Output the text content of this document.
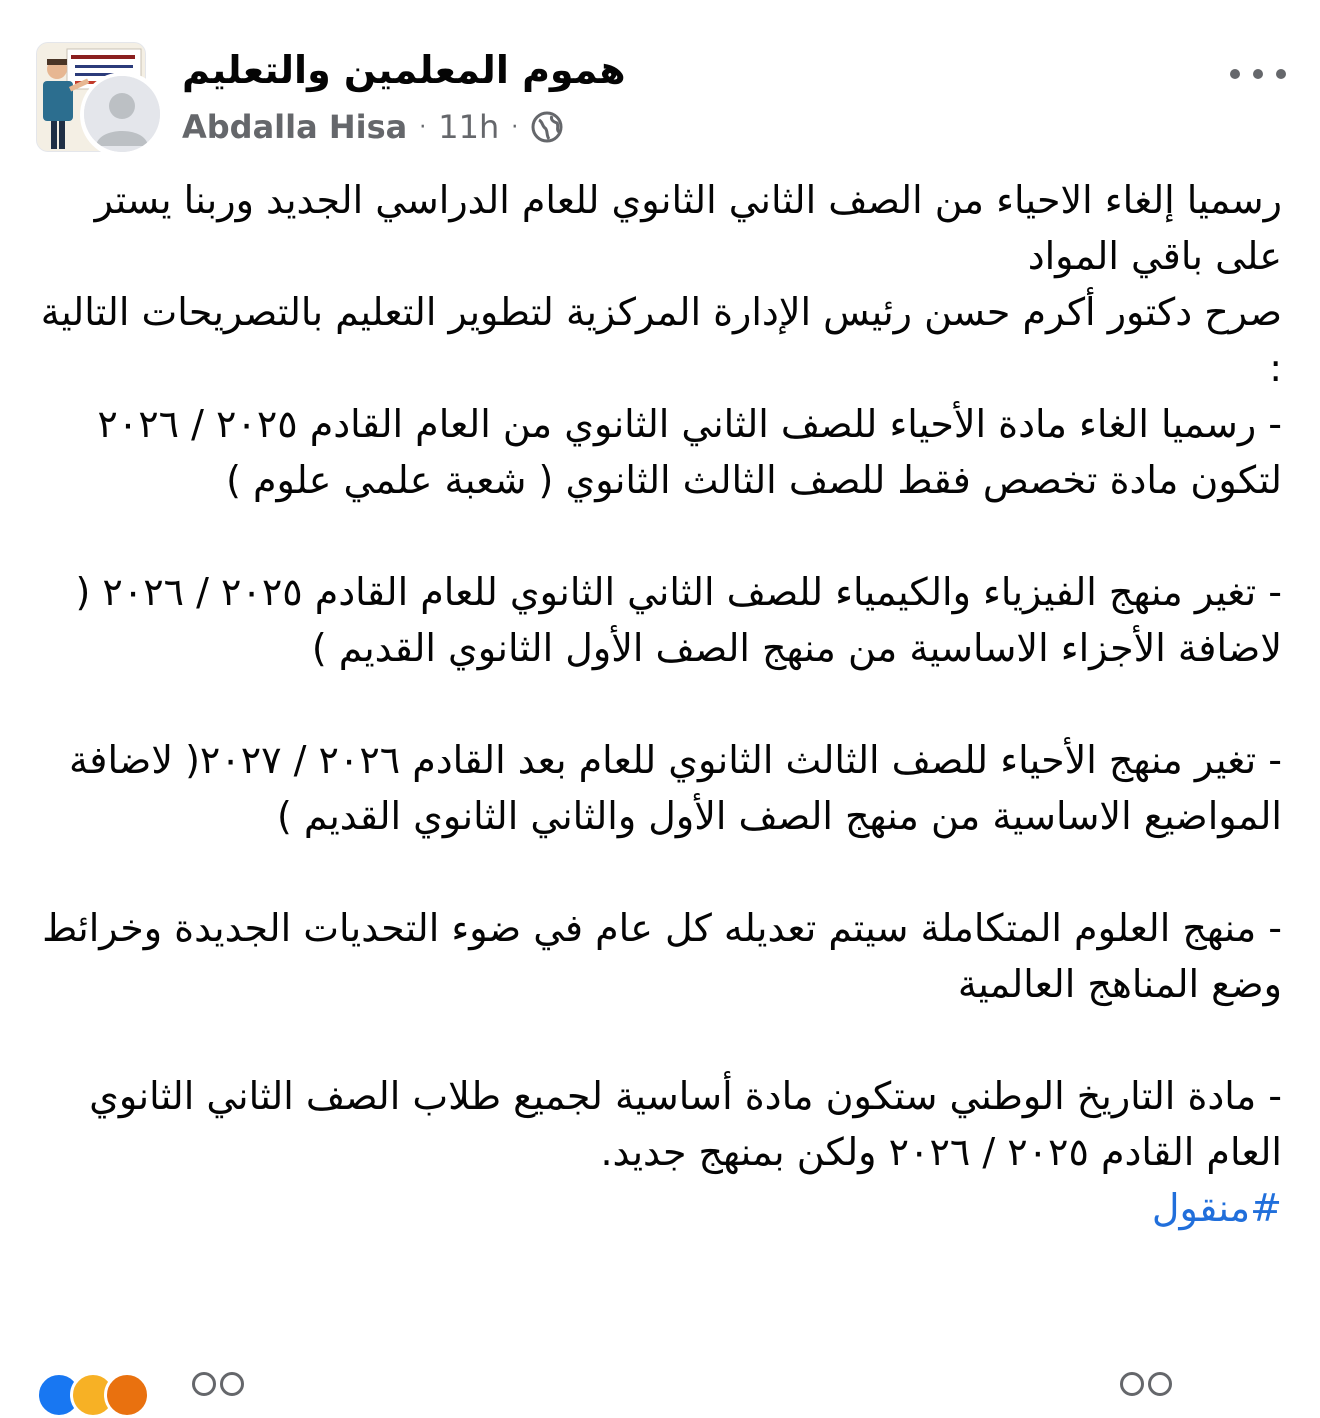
هموم المعلمين والتعليم
Abdalla Hisa · 11h ·

رسميا إلغاء الاحياء من الصف الثاني الثانوي للعام الدراسي الجديد وربنا يستر على باقي المواد

صرح دكتور أكرم حسن رئيس الإدارة المركزية لتطوير التعليم بالتصريحات التالية :

- رسميا الغاء مادة الأحياء للصف الثاني الثانوي من العام القادم ٢٠٢٥ / ٢٠٢٦ لتكون مادة تخصص فقط للصف الثالث الثانوي ( شعبة علمي علوم )

- تغير منهج الفيزياء والكيمياء للصف الثاني الثانوي للعام القادم ٢٠٢٥ / ٢٠٢٦ ( لاضافة الأجزاء الاساسية من منهج الصف الأول الثانوي القديم )

- تغير منهج الأحياء للصف الثالث الثانوي للعام بعد القادم ٢٠٢٦ / ٢٠٢٧( لاضافة المواضيع الاساسية من منهج الصف الأول والثاني الثانوي القديم )

- منهج العلوم المتكاملة سيتم تعديله كل عام في ضوء التحديات الجديدة وخرائط وضع المناهج العالمية

- مادة التاريخ الوطني ستكون مادة أساسية لجميع طلاب الصف الثاني الثانوي العام القادم ٢٠٢٥ / ٢٠٢٦ ولكن بمنهج جديد.

#منقول
